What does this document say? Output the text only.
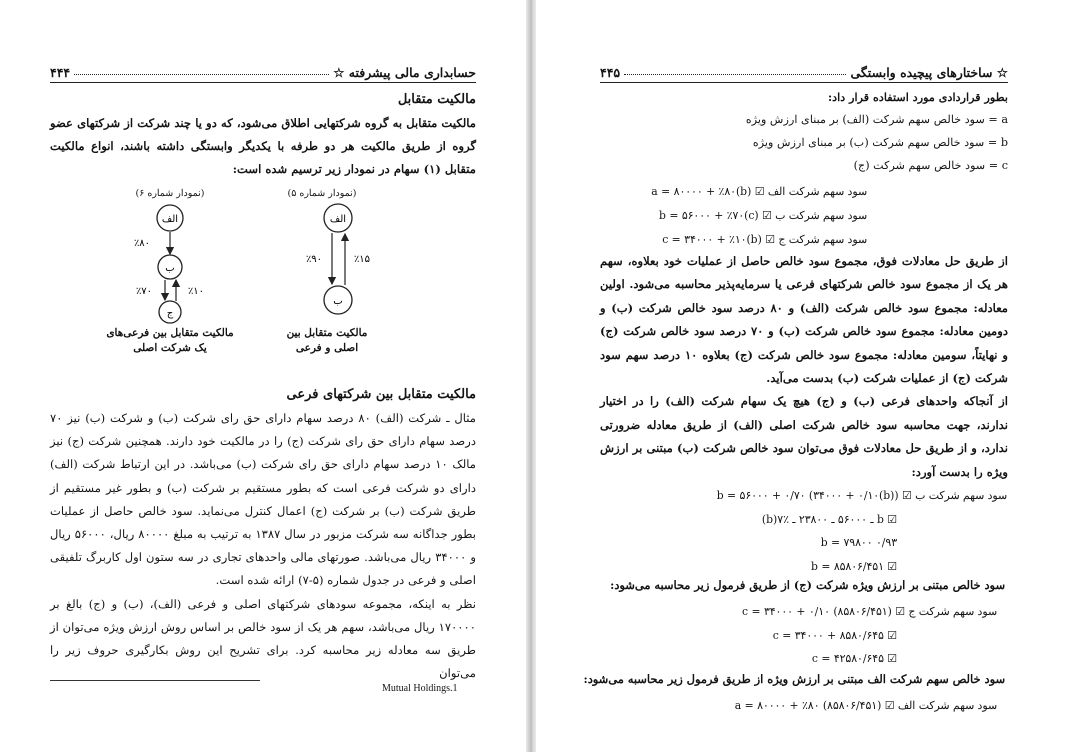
۴۴۴	حسابداری مالی پیشرفته ☆
مالکیت متقابل
مالکیت متقابل به گروه شرکتهایی اطلاق می‌شود، که دو یا چند شرکت از شرکتهای عضو گروه از طریق مالکیت هر دو طرفه با یکدیگر وابستگی داشته باشند، انواع مالکیت متقابل (۱) سهام در نمودار زیر ترسیم شده است:
(نمودار شماره ۵)
الف
ب
٪۹۰	٪۱۵
مالکیت متقابل بین
اصلی و فرعی
(نمودار شماره ۶)
الف
ب
ج
٪۸۰
٪۷۰	٪۱۰
مالکیت متقابل بین فرعی‌های
یک شرکت اصلی
مالکیت متقابل بین شرکتهای فرعی
مثال ـ شرکت (الف) ۸۰ درصد سهام دارای حق رای شرکت (ب) و شرکت (ب) نیز ۷۰ درصد سهام دارای حق رای شرکت (ج) را در مالکیت خود دارند. همچنین شرکت (ج) نیز مالک ۱۰ درصد سهام دارای حق رای شرکت (ب) می‌باشد. در این ارتباط شرکت (الف) دارای دو شرکت فرعی است که بطور مستقیم بر شرکت (ب) و بطور غیر مستقیم از طریق شرکت (ب) بر شرکت (ج) اعمال کنترل می‌نماید. سود خالص حاصل از عملیات بطور جداگانه سه شرکت مزبور در سال ۱۳۸۷ به ترتیب به مبلغ ۸۰۰۰۰ ریال، ۵۶۰۰۰ ریال و ۳۴۰۰۰ ریال می‌باشد. صورتهای مالی واحدهای تجاری در سه ستون اول کاربرگ تلفیقی اصلی و فرعی در جدول شماره (۵-۷) ارائه شده است.
نظر به اینکه، مجموعه سودهای شرکتهای اصلی و فرعی (الف)، (ب) و (ج) بالغ بر ۱۷۰۰۰۰ ریال می‌باشد، سهم هر یک از سود خالص بر اساس روش ارزش ویژه می‌توان از طریق سه معادله زیر محاسبه کرد. برای تشریح این روش بکارگیری حروف زیر را می‌توان
Mutual Holdings.1
۴۴۵	☆ ساختارهای پیچیده وابستگی
بطور قراردادی مورد استفاده قرار داد:
a = سود خالص سهم شرکت (الف) بر مبنای ارزش ویژه
b = سود خالص سهم شرکت (ب) بر مبنای ارزش ویژه
c = سود خالص سهم شرکت (ج)
سود سهم شرکت الف ☑ a = ۸۰۰۰۰ + ٪۸۰(b)
سود سهم شرکت ب ☑ b = ۵۶۰۰۰ + ٪۷۰(c)
سود سهم شرکت ج ☑ c = ۳۴۰۰۰ + ٪۱۰(b)
از طریق حل معادلات فوق، مجموع سود خالص حاصل از عملیات خود بعلاوه، سهم هر یک از مجموع سود خالص شرکتهای فرعی یا سرمایه‌پذیر محاسبه می‌شود. اولین معادله: مجموع سود خالص شرکت (الف) و ۸۰ درصد سود خالص شرکت (ب) و دومین معادله: مجموع سود خالص شرکت (ب) و ۷۰ درصد سود خالص شرکت (ج) و نهایتاً، سومین معادله: مجموع سود خالص شرکت (ج) بعلاوه ۱۰ درصد سهم سود شرکت (ج) از عملیات شرکت (ب) بدست می‌آید.
از آنجاکه واحدهای فرعی (ب) و (ج) هیچ یک سهام شرکت (الف) را در اختیار ندارند، جهت محاسبه سود خالص شرکت اصلی (الف) از طریق معادله ضرورتی ندارد، و از طریق حل معادلات فوق می‌توان سود خالص شرکت (ب) مبتنی بر ارزش ویژه را بدست آورد:
سود سهم شرکت ب ☑ b = ۵۶۰۰۰ + ۰/۷۰ (۳۴۰۰۰ + ۰/۱۰(b))
☑ b ـ ۵۶۰۰۰ ـ ۲۳۸۰۰ ـ ٪۷(b)
۰/۹۳ b = ۷۹۸۰۰
☑ b = ۸۵۸۰۶/۴۵۱
سود خالص مبتنی بر ارزش ویژه شرکت (ج) از طریق فرمول زیر محاسبه می‌شود:
سود سهم شرکت ج ☑ c = ۳۴۰۰۰ + ۰/۱۰ (۸۵۸۰۶/۴۵۱)
☑ c = ۳۴۰۰۰ + ۸۵۸۰/۶۴۵
☑ c = ۴۲۵۸۰/۶۴۵
سود خالص سهم شرکت الف مبتنی بر ارزش ویژه از طریق فرمول زیر محاسبه می‌شود:
سود سهم شرکت الف ☑ a = ۸۰۰۰۰ + ٪۸۰ (۸۵۸۰۶/۴۵۱)
